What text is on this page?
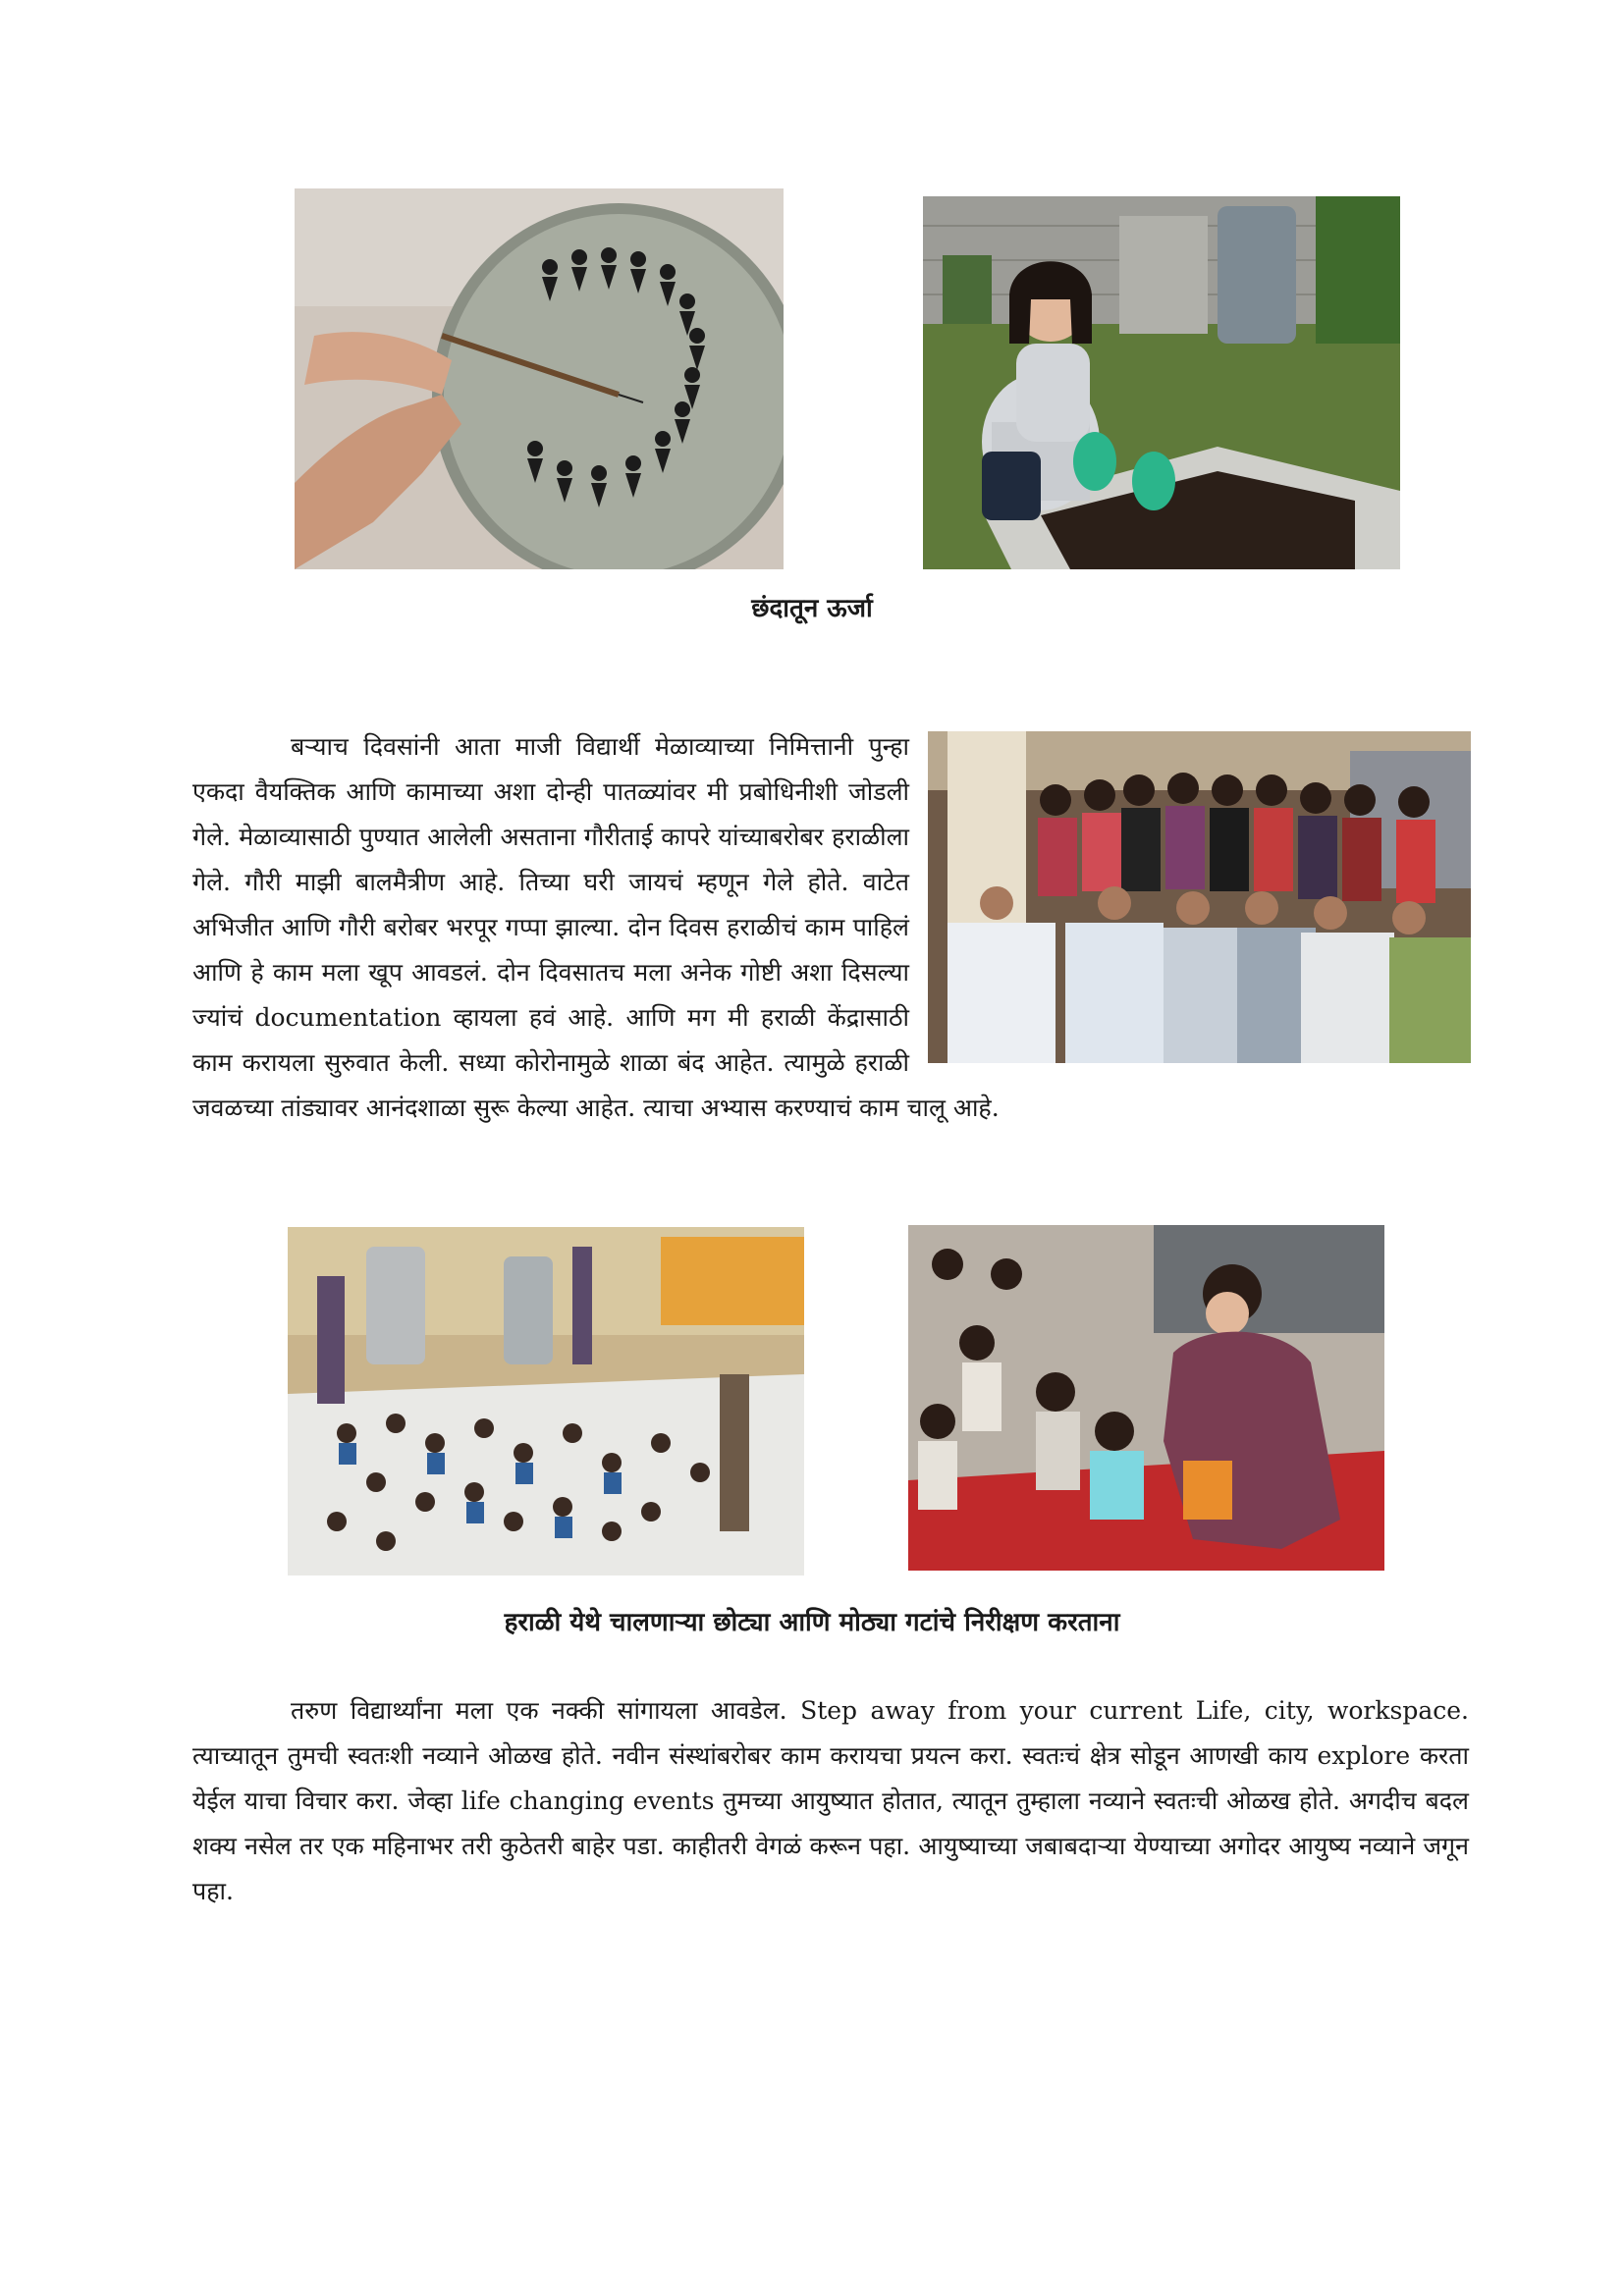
छंदातून ऊर्जा

बऱ्याच दिवसांनी आता माजी विद्यार्थी मेळाव्याच्या निमित्तानी पुन्हा एकदा वैयक्तिक आणि कामाच्या अशा दोन्ही पातळ्यांवर मी प्रबोधिनीशी जोडली गेले. मेळाव्यासाठी पुण्यात आलेली असताना गौरीताई कापरे यांच्याबरोबर हराळीला गेले. गौरी माझी बालमैत्रीण आहे. तिच्या घरी जायचं म्हणून गेले होते. वाटेत अभिजीत आणि गौरी बरोबर भरपूर गप्पा झाल्या. दोन दिवस हराळीचं काम पाहिलं आणि हे काम मला खूप आवडलं. दोन दिवसातच मला अनेक गोष्टी अशा दिसल्या ज्यांचं documentation व्हायला हवं आहे. आणि मग मी हराळी केंद्रासाठी काम करायला सुरुवात केली. सध्या कोरोनामुळे शाळा बंद आहेत. त्यामुळे हराळी जवळच्या तांड्यावर आनंदशाळा सुरू केल्या आहेत. त्याचा अभ्यास करण्याचं काम चालू आहे.

हराळी येथे चालणाऱ्या छोट्या आणि मोठ्या गटांचे निरीक्षण करताना

तरुण विद्यार्थ्यांना मला एक नक्की सांगायला आवडेल. Step away from your current Life, city, workspace. त्याच्यातून तुमची स्वतःशी नव्याने ओळख होते. नवीन संस्थांबरोबर काम करायचा प्रयत्न करा. स्वतःचं क्षेत्र सोडून आणखी काय explore करता येईल याचा विचार करा. जेव्हा life changing events तुमच्या आयुष्यात होतात, त्यातून तुम्हाला नव्याने स्वतःची ओळख होते. अगदीच बदल शक्य नसेल तर एक महिनाभर तरी कुठेतरी बाहेर पडा. काहीतरी वेगळं करून पहा. आयुष्याच्या जबाबदाऱ्या येण्याच्या अगोदर आयुष्य नव्याने जगून पहा.
